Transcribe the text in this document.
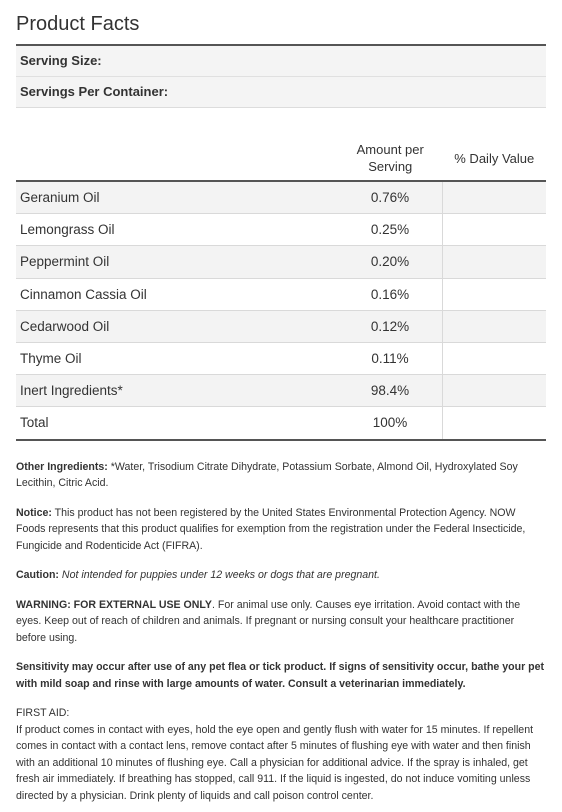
Product Facts
Serving Size:
Servings Per Container:
	Amount per Serving	% Daily Value
Geranium Oil	0.76%	
Lemongrass Oil	0.25%	
Peppermint Oil	0.20%	
Cinnamon Cassia Oil	0.16%	
Cedarwood Oil	0.12%	
Thyme Oil	0.11%	
Inert Ingredients*	98.4%	
Total	100%	

Other Ingredients: *Water, Trisodium Citrate Dihydrate, Potassium Sorbate, Almond Oil, Hydroxylated Soy Lecithin, Citric Acid.

Notice: This product has not been registered by the United States Environmental Protection Agency. NOW Foods represents that this product qualifies for exemption from the registration under the Federal Insecticide, Fungicide and Rodenticide Act (FIFRA).

Caution: Not intended for puppies under 12 weeks or dogs that are pregnant.

WARNING: FOR EXTERNAL USE ONLY. For animal use only. Causes eye irritation. Avoid contact with the eyes. Keep out of reach of children and animals. If pregnant or nursing consult your healthcare practitioner before using.

Sensitivity may occur after use of any pet flea or tick product. If signs of sensitivity occur, bathe your pet with mild soap and rinse with large amounts of water. Consult a veterinarian immediately.

FIRST AID:
If product comes in contact with eyes, hold the eye open and gently flush with water for 15 minutes. If repellent comes in contact with a contact lens, remove contact after 5 minutes of flushing eye with water and then finish with an additional 10 minutes of flushing eye. Call a physician for additional advice. If the spray is inhaled, get fresh air immediately. If breathing has stopped, call 911. If the liquid is ingested, do not induce vomiting unless directed by a physician. Drink plenty of liquids and call poison control center.
